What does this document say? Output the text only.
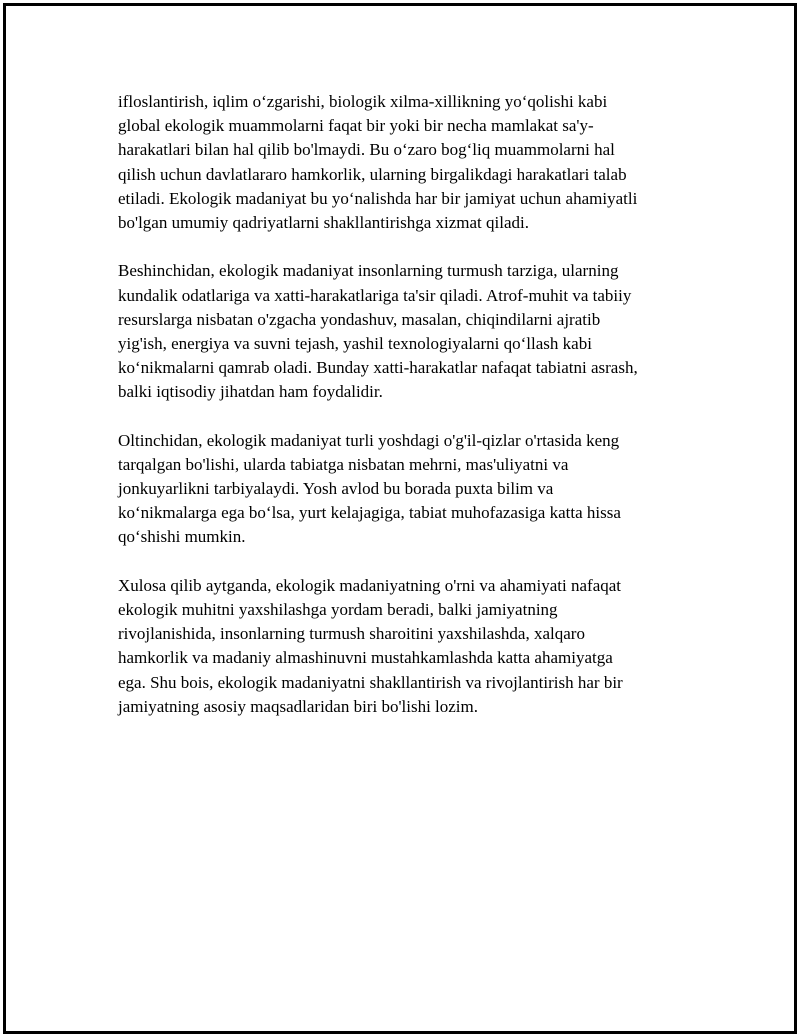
ifloslantirish, iqlim o‘zgarishi, biologik xilma-xillikning yo‘qolishi kabi
global ekologik muammolarni faqat bir yoki bir necha mamlakat sa'y-
harakatlari bilan hal qilib bo'lmaydi. Bu o‘zaro bog‘liq muammolarni hal
qilish uchun davlatlararo hamkorlik, ularning birgalikdagi harakatlari talab
etiladi. Ekologik madaniyat bu yo‘nalishda har bir jamiyat uchun ahamiyatli
bo'lgan umumiy qadriyatlarni shakllantirishga xizmat qiladi.
Beshinchidan, ekologik madaniyat insonlarning turmush tarziga, ularning
kundalik odatlariga va xatti-harakatlariga ta'sir qiladi. Atrof-muhit va tabiiy
resurslarga nisbatan o'zgacha yondashuv, masalan, chiqindilarni ajratib
yig'ish, energiya va suvni tejash, yashil texnologiyalarni qo‘llash kabi
ko‘nikmalarni qamrab oladi. Bunday xatti-harakatlar nafaqat tabiatni asrash,
balki iqtisodiy jihatdan ham foydalidir.
Oltinchidan, ekologik madaniyat turli yoshdagi o'g'il-qizlar o'rtasida keng
tarqalgan bo'lishi, ularda tabiatga nisbatan mehrni, mas'uliyatni va
jonkuyarlikni tarbiyalaydi. Yosh avlod bu borada puxta bilim va
ko‘nikmalarga ega bo‘lsa, yurt kelajagiga, tabiat muhofazasiga katta hissa
qo‘shishi mumkin.
Xulosa qilib aytganda, ekologik madaniyatning o'rni va ahamiyati nafaqat
ekologik muhitni yaxshilashga yordam beradi, balki jamiyatning
rivojlanishida, insonlarning turmush sharoitini yaxshilashda, xalqaro
hamkorlik va madaniy almashinuvni mustahkamlashda katta ahamiyatga
ega. Shu bois, ekologik madaniyatni shakllantirish va rivojlantirish har bir
jamiyatning asosiy maqsadlaridan biri bo'lishi lozim.
